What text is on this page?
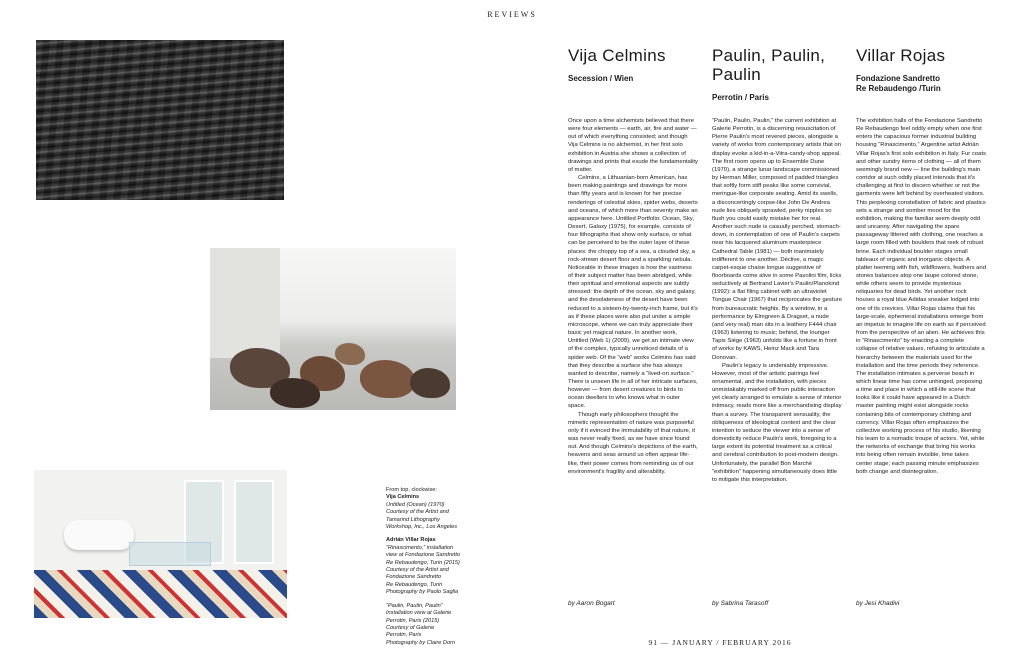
REVIEWS
From top, clockwise:
Vija Celmins
Untitled (Ocean) (1970)
Courtesy of the Artist and
Tamarind Lithography
Workshop, Inc., Los Angeles
Adrián Villar Rojas
“Rinascimento,” installation
view at Fondazione Sandretto
Re Rebaudengo, Turin (2015)
Courtesy of the Artist and
Fondazione Sandretto
Re Rebaudengo, Turin
Photography by Paolo Saglia
“Paulin, Paulin, Paulin”
Installation view at Galerie
Perrotin, Paris (2015)
Courtesy of Galerie
Perrotin, Paris
Photography by Claire Dorn
Vija Celmins
Secession / Wien

Once upon a time alchemists believed that there were four elements — earth, air, fire and water — out of which everything consisted; and though Vija Celmins is no alchemist, in her first solo exhibition in Austria she shows a collection of drawings and prints that exude the fundamentality of matter.

Celmins, a Lithuanian-born American, has been making paintings and drawings for more than fifty years and is known for her precise renderings of celestial skies, spider webs, deserts and oceans, of which more than seventy make an appearance here. Untitled Portfolio: Ocean, Sky, Desert, Galaxy (1975), for example, consists of four lithographs that show only surface, or what can be perceived to be the outer layer of these places: the choppy top of a sea, a clouded sky, a rock-strewn desert floor and a sparkling nebula. Noticeable in these images is how the vastness of their subject matter has been abridged, while their spiritual and emotional aspects are subtly stressed: the depth of the ocean, sky and galaxy, and the desolateness of the desert have been reduced to a sixteen-by-twenty-inch frame, but it's as if these places were also put under a simple microscope, where we can truly appreciate their basic yet magical nature. In another work, Untitled (Web 1) (2009), we get an intimate view of the complex, typically unnoticed details of a spider web. Of the “web” works Celmins has said that they describe a surface she has always wanted to describe, namely a “lived-on surface.” There is unseen life in all of her intricate surfaces, however — from desert creatures to birds to ocean dwellers to who knows what in outer space.

Though early philosophers thought the mimetic representation of nature was purposeful only if it evinced the immutability of that nature, it was never really fixed, as we have since found out. And though Celmins's depictions of the earth, heavens and seas around us often appear life-like, their power comes from reminding us of our environment's fragility and alterability.

by Aaron Bogart
Paulin, Paulin,
Paulin
Perrotin / Paris

“Paulin, Paulin, Paulin,” the current exhibition at Galerie Perrotin, is a discerning resuscitation of Pierre Paulin's most revered pieces, alongside a variety of works from contemporary artists that on display evoke a kid-in-a-Vitra-candy-shop appeal. The first room opens up to Ensemble Dune (1970), a strange lunar landscape commissioned by Herman Miller, composed of padded triangles that softly form stiff peaks like some convivial, meringue-like corporate seating. Amid its swells, a disconcertingly corpse-like John De Andrea nude lies obliquely sprawled, perky nipples so flush you could easily mistake her for real. Another such nude is casually perched, stomach-down, in contemplation of one of Paulin's carpets near his lacquered aluminum masterpiece Cathedral Table (1981) — both inanimately indifferent to one another. Déclive, a magic carpet-esque chaise longue suggestive of floorboards come alive in some Pasolini film, licks seductively at Bertrand Lavier's Paulin/Planokind (1992): a flat filing cabinet with an ultraviolet Tongue Chair (1967) that reciprocates the gesture from bureaucratic heights. By a window, in a performance by Elmgreen & Dragset, a nude (and very real) man sits in a leathery F444 chair (1963) listening to music; behind, the lounger Tapis Siège (1963) unfolds like a fortune in front of works by KAWS, Heinz Mack and Tara Donovan.

Paulin's legacy is undeniably impressive. However, most of the artistic pairings feel ornamental, and the installation, with pieces unmistakably marked off from public interaction yet clearly arranged to emulate a sense of interior intimacy, reads more like a merchandising display than a survey. The transparent sensuality, the obliqueness of ideological context and the clear intention to seduce the viewer into a sense of domesticity reduce Paulin's work, foregoing to a large extent its potential treatment as a critical and cerebral contribution to post-modern design. Unfortunately, the parallel Bon Marché “exhibition” happening simultaneously does little to mitigate this interpretation.

by Sabrina Tarasoff
Villar Rojas
Fondazione Sandretto
Re Rebaudengo /Turin

The exhibition halls of the Fondazione Sandretto Re Rebaudengo feel oddly empty when one first enters the capacious former industrial building housing “Rinascimento,” Argentine artist Adrián Villar Rojas's first solo exhibition in Italy. Fur coats and other sundry items of clothing — all of them seemingly brand new — line the building's main corridor at such oddly placed intervals that it's challenging at first to discern whether or not the garments were left behind by overheated visitors. This perplexing constellation of fabric and plastics sets a strange and somber mood for the exhibition, making the familiar seem deeply odd and uncanny. After navigating the spare passageway littered with clothing, one reaches a large room filled with boulders that reek of robust brine. Each individual boulder stages small tableaux of organic and inorganic objects. A platter teeming with fish, wildflowers, feathers and stones balances atop one taupe colored stone, while others seem to provide mysterious reliquaries for dead birds. Yet another rock houses a royal blue Adidas sneaker lodged into one of its crevices. Villar Rojas claims that his large-scale, ephemeral installations emerge from an impetus to imagine life on earth as if perceived from the perspective of an alien. He achieves this in “Rinascimento” by enacting a complete collapse of relative values, refusing to articulate a hierarchy between the materials used for the installation and the time periods they reference. The installation intimates a perverse beach in which linear time has come unhinged, proposing a time and place in which a still-life scene that looks like it could have appeared in a Dutch master painting might exist alongside rocks containing bits of contemporary clothing and currency. Villar Rojas often emphasizes the collective working process of his studio, likening his team to a nomadic troupe of actors. Yet, while the networks of exchange that bring his works into being often remain invisible, time takes center stage; each passing minute emphasizes both change and disintegration.

by Jesi Khadivi
91 — JANUARY / FEBRUARY 2016
